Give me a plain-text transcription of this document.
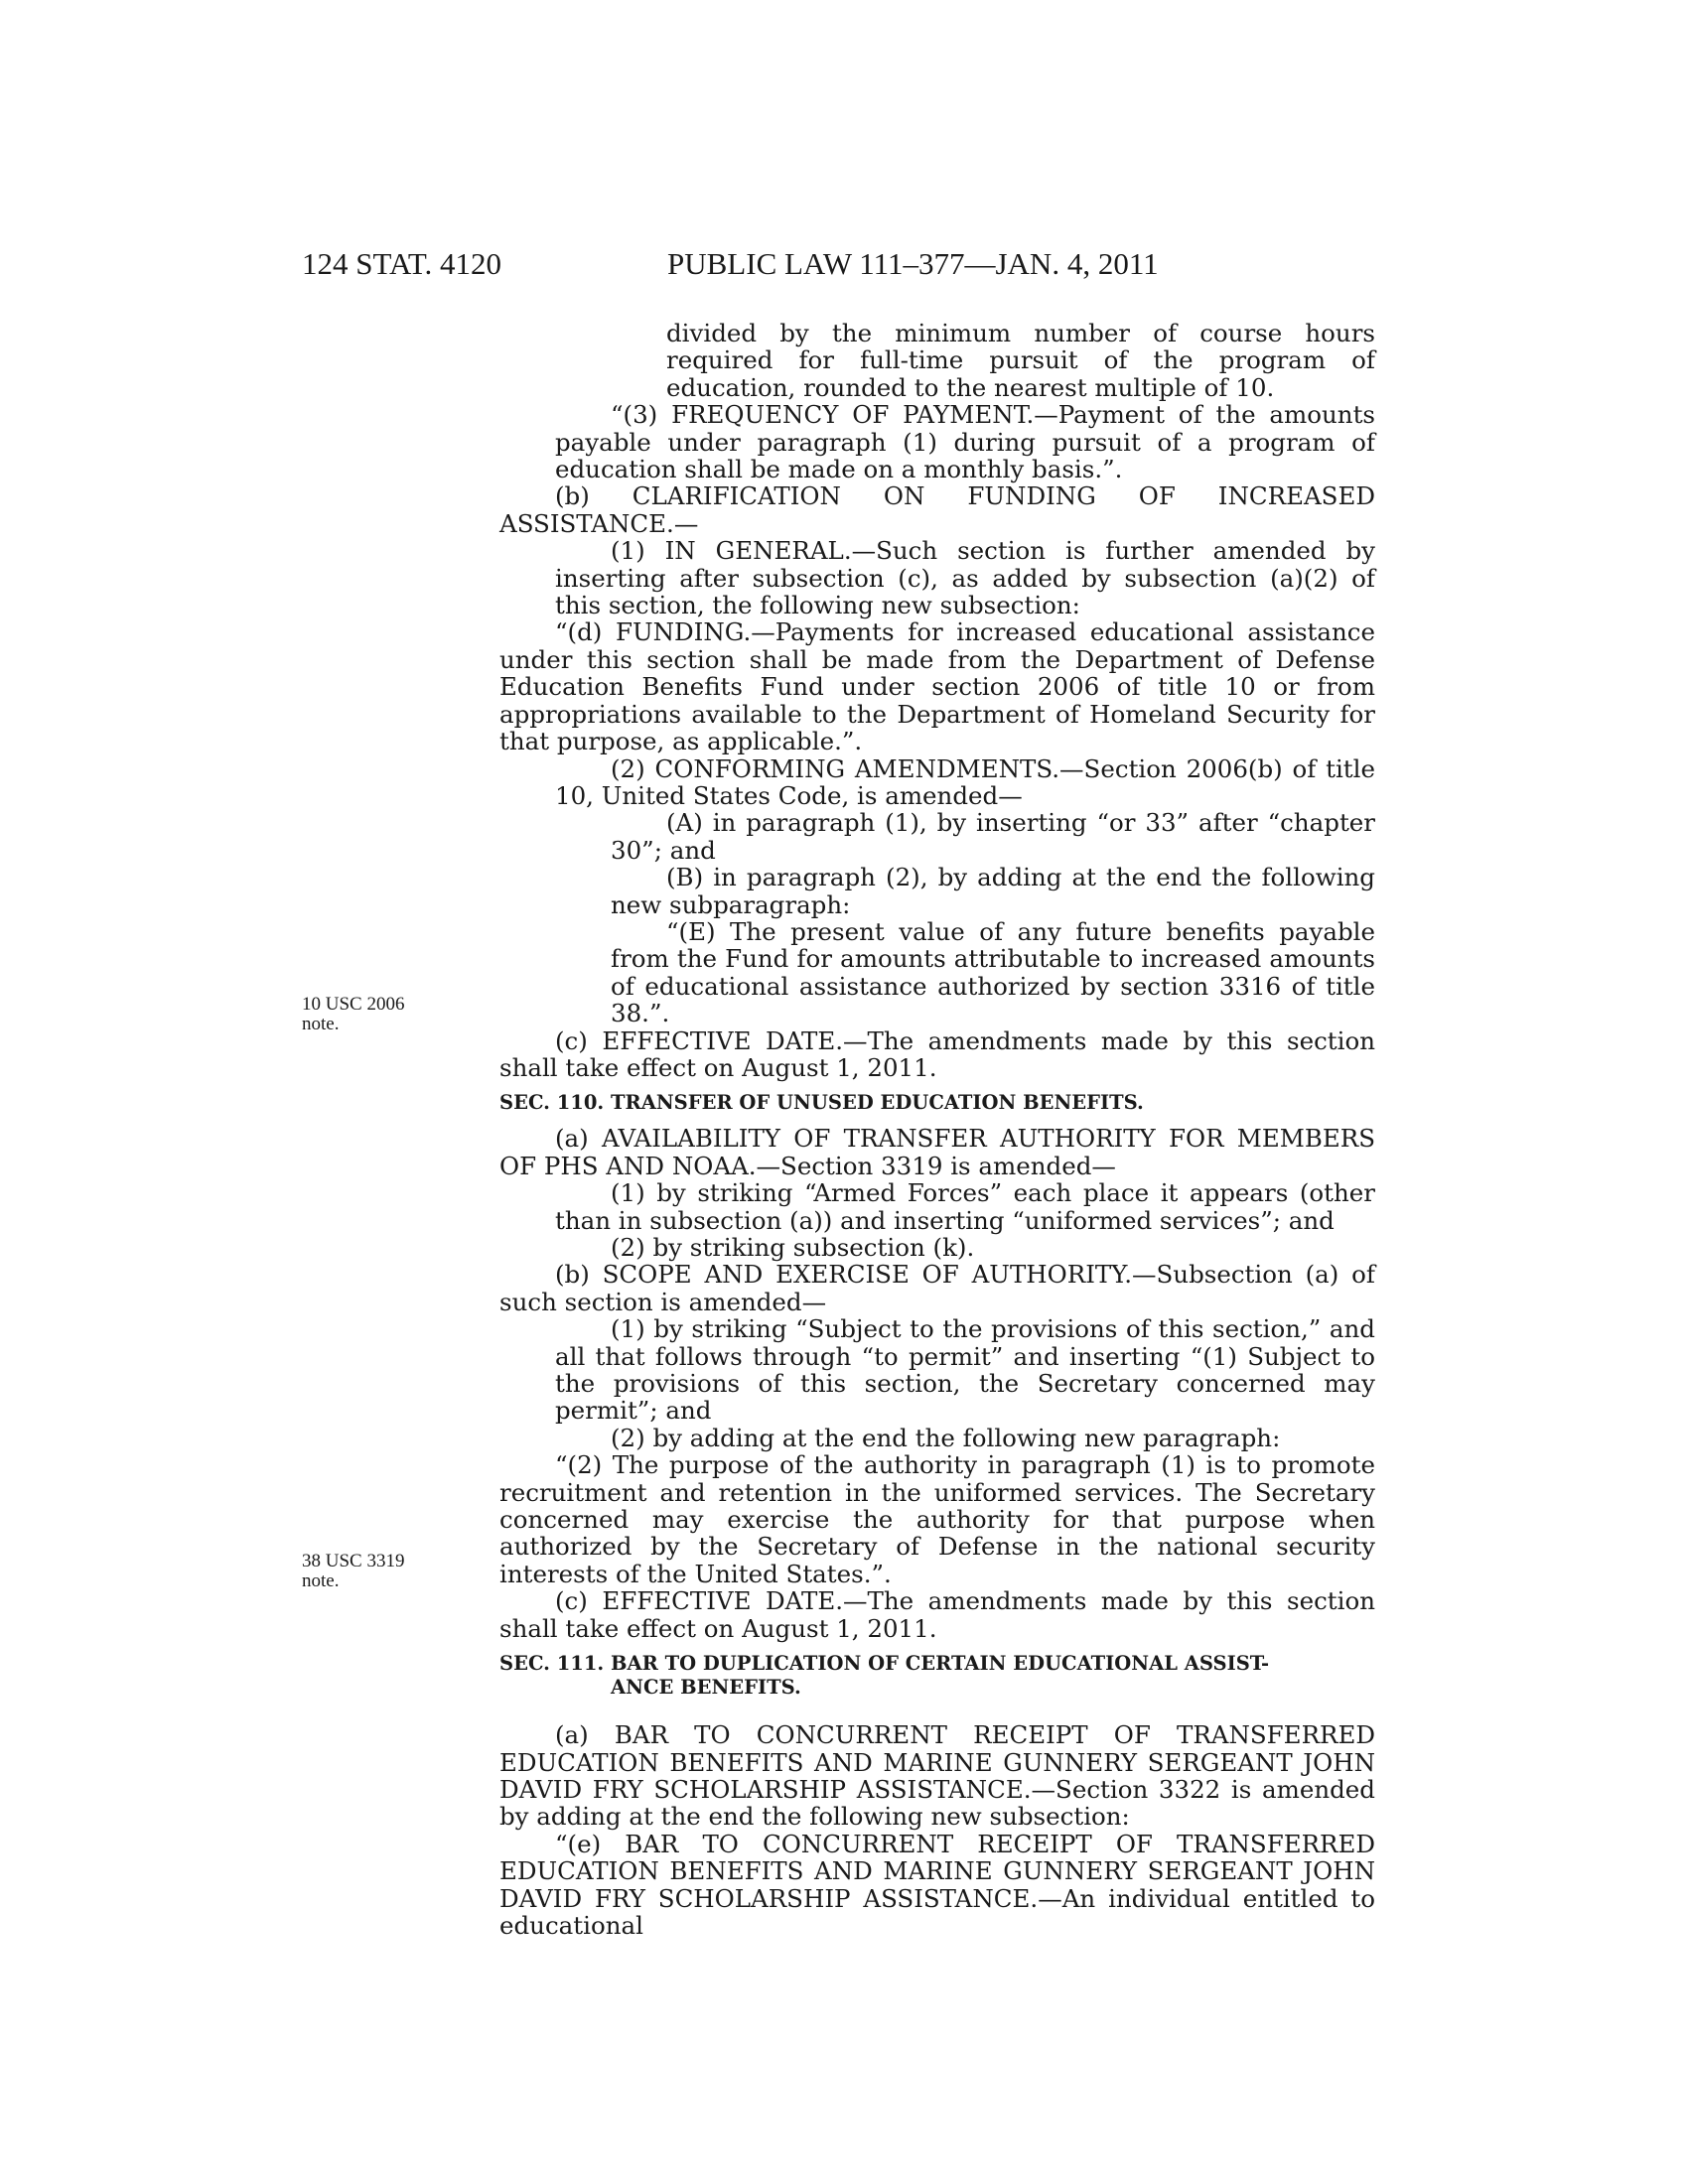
124 STAT. 4120	PUBLIC LAW 111–377—JAN. 4, 2011
10 USC 2006
note.
38 USC 3319
note.

divided by the minimum number of course hours required for full-time pursuit of the program of education, rounded to the nearest multiple of 10.

“(3) FREQUENCY OF PAYMENT.—Payment of the amounts payable under paragraph (1) during pursuit of a program of education shall be made on a monthly basis.”.

(b) CLARIFICATION ON FUNDING OF INCREASED ASSISTANCE.—

(1) IN GENERAL.—Such section is further amended by inserting after subsection (c), as added by subsection (a)(2) of this section, the following new subsection:

“(d) FUNDING.—Payments for increased educational assistance under this section shall be made from the Department of Defense Education Benefits Fund under section 2006 of title 10 or from appropriations available to the Department of Homeland Security for that purpose, as applicable.”.

(2) CONFORMING AMENDMENTS.—Section 2006(b) of title 10, United States Code, is amended—

(A) in paragraph (1), by inserting “or 33” after “chapter 30”; and

(B) in paragraph (2), by adding at the end the following new subparagraph:

“(E) The present value of any future benefits payable from the Fund for amounts attributable to increased amounts of educational assistance authorized by section 3316 of title 38.”.

(c) EFFECTIVE DATE.—The amendments made by this section shall take effect on August 1, 2011.

SEC. 110. TRANSFER OF UNUSED EDUCATION BENEFITS.

(a) AVAILABILITY OF TRANSFER AUTHORITY FOR MEMBERS OF PHS AND NOAA.—Section 3319 is amended—

(1) by striking “Armed Forces” each place it appears (other than in subsection (a)) and inserting “uniformed services”; and

(2) by striking subsection (k).

(b) SCOPE AND EXERCISE OF AUTHORITY.—Subsection (a) of such section is amended—

(1) by striking “Subject to the provisions of this section,” and all that follows through “to permit” and inserting “(1) Subject to the provisions of this section, the Secretary concerned may permit”; and

(2) by adding at the end the following new paragraph:

“(2) The purpose of the authority in paragraph (1) is to promote recruitment and retention in the uniformed services. The Secretary concerned may exercise the authority for that purpose when authorized by the Secretary of Defense in the national security interests of the United States.”.

(c) EFFECTIVE DATE.—The amendments made by this section shall take effect on August 1, 2011.

SEC. 111. BAR TO DUPLICATION OF CERTAIN EDUCATIONAL ASSIST-
ANCE BENEFITS.

(a) BAR TO CONCURRENT RECEIPT OF TRANSFERRED EDUCATION BENEFITS AND MARINE GUNNERY SERGEANT JOHN DAVID FRY SCHOLARSHIP ASSISTANCE.—Section 3322 is amended by adding at the end the following new subsection:

“(e) BAR TO CONCURRENT RECEIPT OF TRANSFERRED EDUCATION BENEFITS AND MARINE GUNNERY SERGEANT JOHN DAVID FRY SCHOLARSHIP ASSISTANCE.—An individual entitled to educational
